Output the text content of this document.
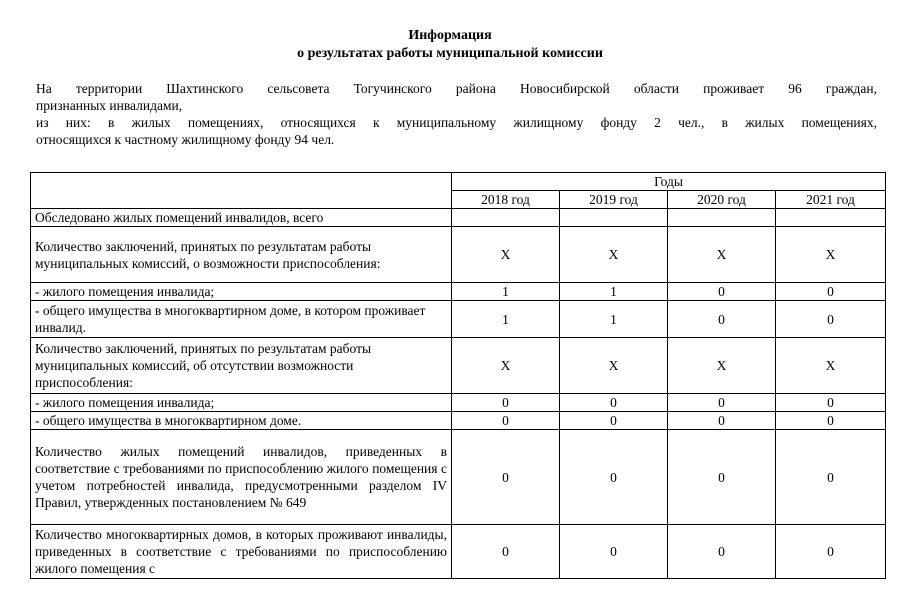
Информация
о результатах работы муниципальной комиссии

На территории Шахтинского сельсовета Тогучинского района Новосибирской области проживает 96 граждан,

признанных инвалидами,

из них: в жилых помещениях, относящихся к муниципальному жилищному фонду 2 чел., в жилых помещениях,

относящихся к частному жилищному фонду 94 чел.

	Годы			
	2018 год	2019 год	2020 год	2021 год
Обследовано жилых помещений инвалидов, всего				
Количество заключений, принятых по результатам работы муниципальных комиссий, о возможности приспособления:	Х	Х	Х	Х
- жилого помещения инвалида;	1	1	0	0
- общего имущества в многоквартирном доме, в котором проживает инвалид.	1	1	0	0
Количество заключений, принятых по результатам работы муниципальных комиссий, об отсутствии возможности приспособления:	Х	Х	Х	Х
- жилого помещения инвалида;	0	0	0	0
- общего имущества в многоквартирном доме.	0	0	0	0
Количество жилых помещений инвалидов, приведенных в соответствие с требованиями по приспособлению жилого помещения с учетом потребностей инвалида, предусмотренными разделом IV Правил, утвержденных постановлением № 649	0	0	0	0
Количество многоквартирных домов, в которых проживают инвалиды, приведенных в соответствие с требованиями по приспособлению жилого помещения с	0	0	0	0
